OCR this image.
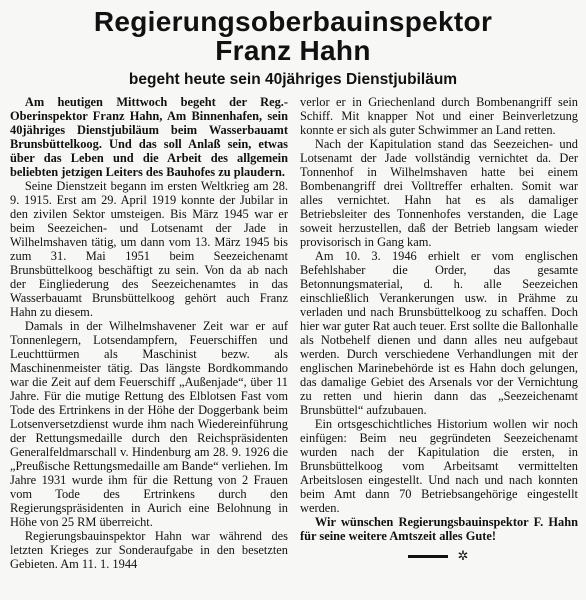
Regierungsoberbauinspektor
Franz Hahn
begeht heute sein 40jähriges Dienstjubiläum

Am heutigen Mittwoch begeht der Reg.-Oberinspektor Franz Hahn, Am Binnenhafen, sein 40jähriges Dienstjubiläum beim Wasserbauamt Brunsbüttelkoog. Und das soll Anlaß sein, etwas über das Leben und die Arbeit des allgemein beliebten jetzigen Leiters des Bauhofes zu plaudern.

Seine Dienstzeit begann im ersten Weltkrieg am 28. 9. 1915. Erst am 29. April 1919 konnte der Jubilar in den zivilen Sektor umsteigen. Bis März 1945 war er beim Seezeichen- und Lotsenamt der Jade in Wilhelmshaven tätig, um dann vom 13. März 1945 bis zum 31. Mai 1951 beim Seezeichenamt Brunsbüttelkoog beschäftigt zu sein. Von da ab nach der Eingliederung des Seezeichenamtes in das Wasserbauamt Brunsbüttelkoog gehört auch Franz Hahn zu diesem.

Damals in der Wilhelmshavener Zeit war er auf Tonnenlegern, Lotsendampfern, Feuerschiffen und Leuchttürmen als Maschinist bezw. als Maschinenmeister tätig. Das längste Bordkommando war die Zeit auf dem Feuerschiff „Außenjade“, über 11 Jahre. Für die mutige Rettung des Elblotsen Fast vom Tode des Ertrinkens in der Höhe der Doggerbank beim Lotsenversetzdienst wurde ihm nach Wiedereinführung der Rettungsmedaille durch den Reichspräsidenten Generalfeldmarschall v. Hindenburg am 28. 9. 1926 die „Preußische Rettungsmedaille am Bande“ verliehen. Im Jahre 1931 wurde ihm für die Rettung von 2 Frauen vom Tode des Ertrinkens durch den Regierungspräsidenten in Aurich eine Belohnung in Höhe von 25 RM überreicht.

Regierungsbauinspektor Hahn war während des letzten Krieges zur Sonderaufgabe in den besetzten Gebieten. Am 11. 1. 1944

verlor er in Griechenland durch Bombenangriff sein Schiff. Mit knapper Not und einer Beinverletzung konnte er sich als guter Schwimmer an Land retten.

Nach der Kapitulation stand das Seezeichen- und Lotsenamt der Jade vollständig vernichtet da. Der Tonnenhof in Wilhelmshaven hatte bei einem Bombenangriff drei Volltreffer erhalten. Somit war alles vernichtet. Hahn hat es als damaliger Betriebsleiter des Tonnenhofes verstanden, die Lage soweit herzustellen, daß der Betrieb langsam wieder provisorisch in Gang kam.

Am 10. 3. 1946 erhielt er vom englischen Befehlshaber die Order, das gesamte Betonnungsmaterial, d. h. alle Seezeichen einschließlich Verankerungen usw. in Prähme zu verladen und nach Brunsbüttelkoog zu schaffen. Doch hier war guter Rat auch teuer. Erst sollte die Ballonhalle als Notbehelf dienen und dann alles neu aufgebaut werden. Durch verschiedene Verhandlungen mit der englischen Marinebehörde ist es Hahn doch gelungen, das damalige Gebiet des Arsenals vor der Vernichtung zu retten und hierin dann das „Seezeichenamt Brunsbüttel“ aufzubauen.

Ein ortsgeschichtliches Historium wollen wir noch einfügen: Beim neu gegründeten Seezeichenamt wurden nach der Kapitulation die ersten, in Brunsbüttelkoog vom Arbeitsamt vermittelten Arbeitslosen eingestellt. Und nach und nach konnten beim Amt dann 70 Betriebsangehörige eingestellt werden.

Wir wünschen Regierungsbauinspektor F. Hahn für seine weitere Amtszeit alles Gute!

✲
